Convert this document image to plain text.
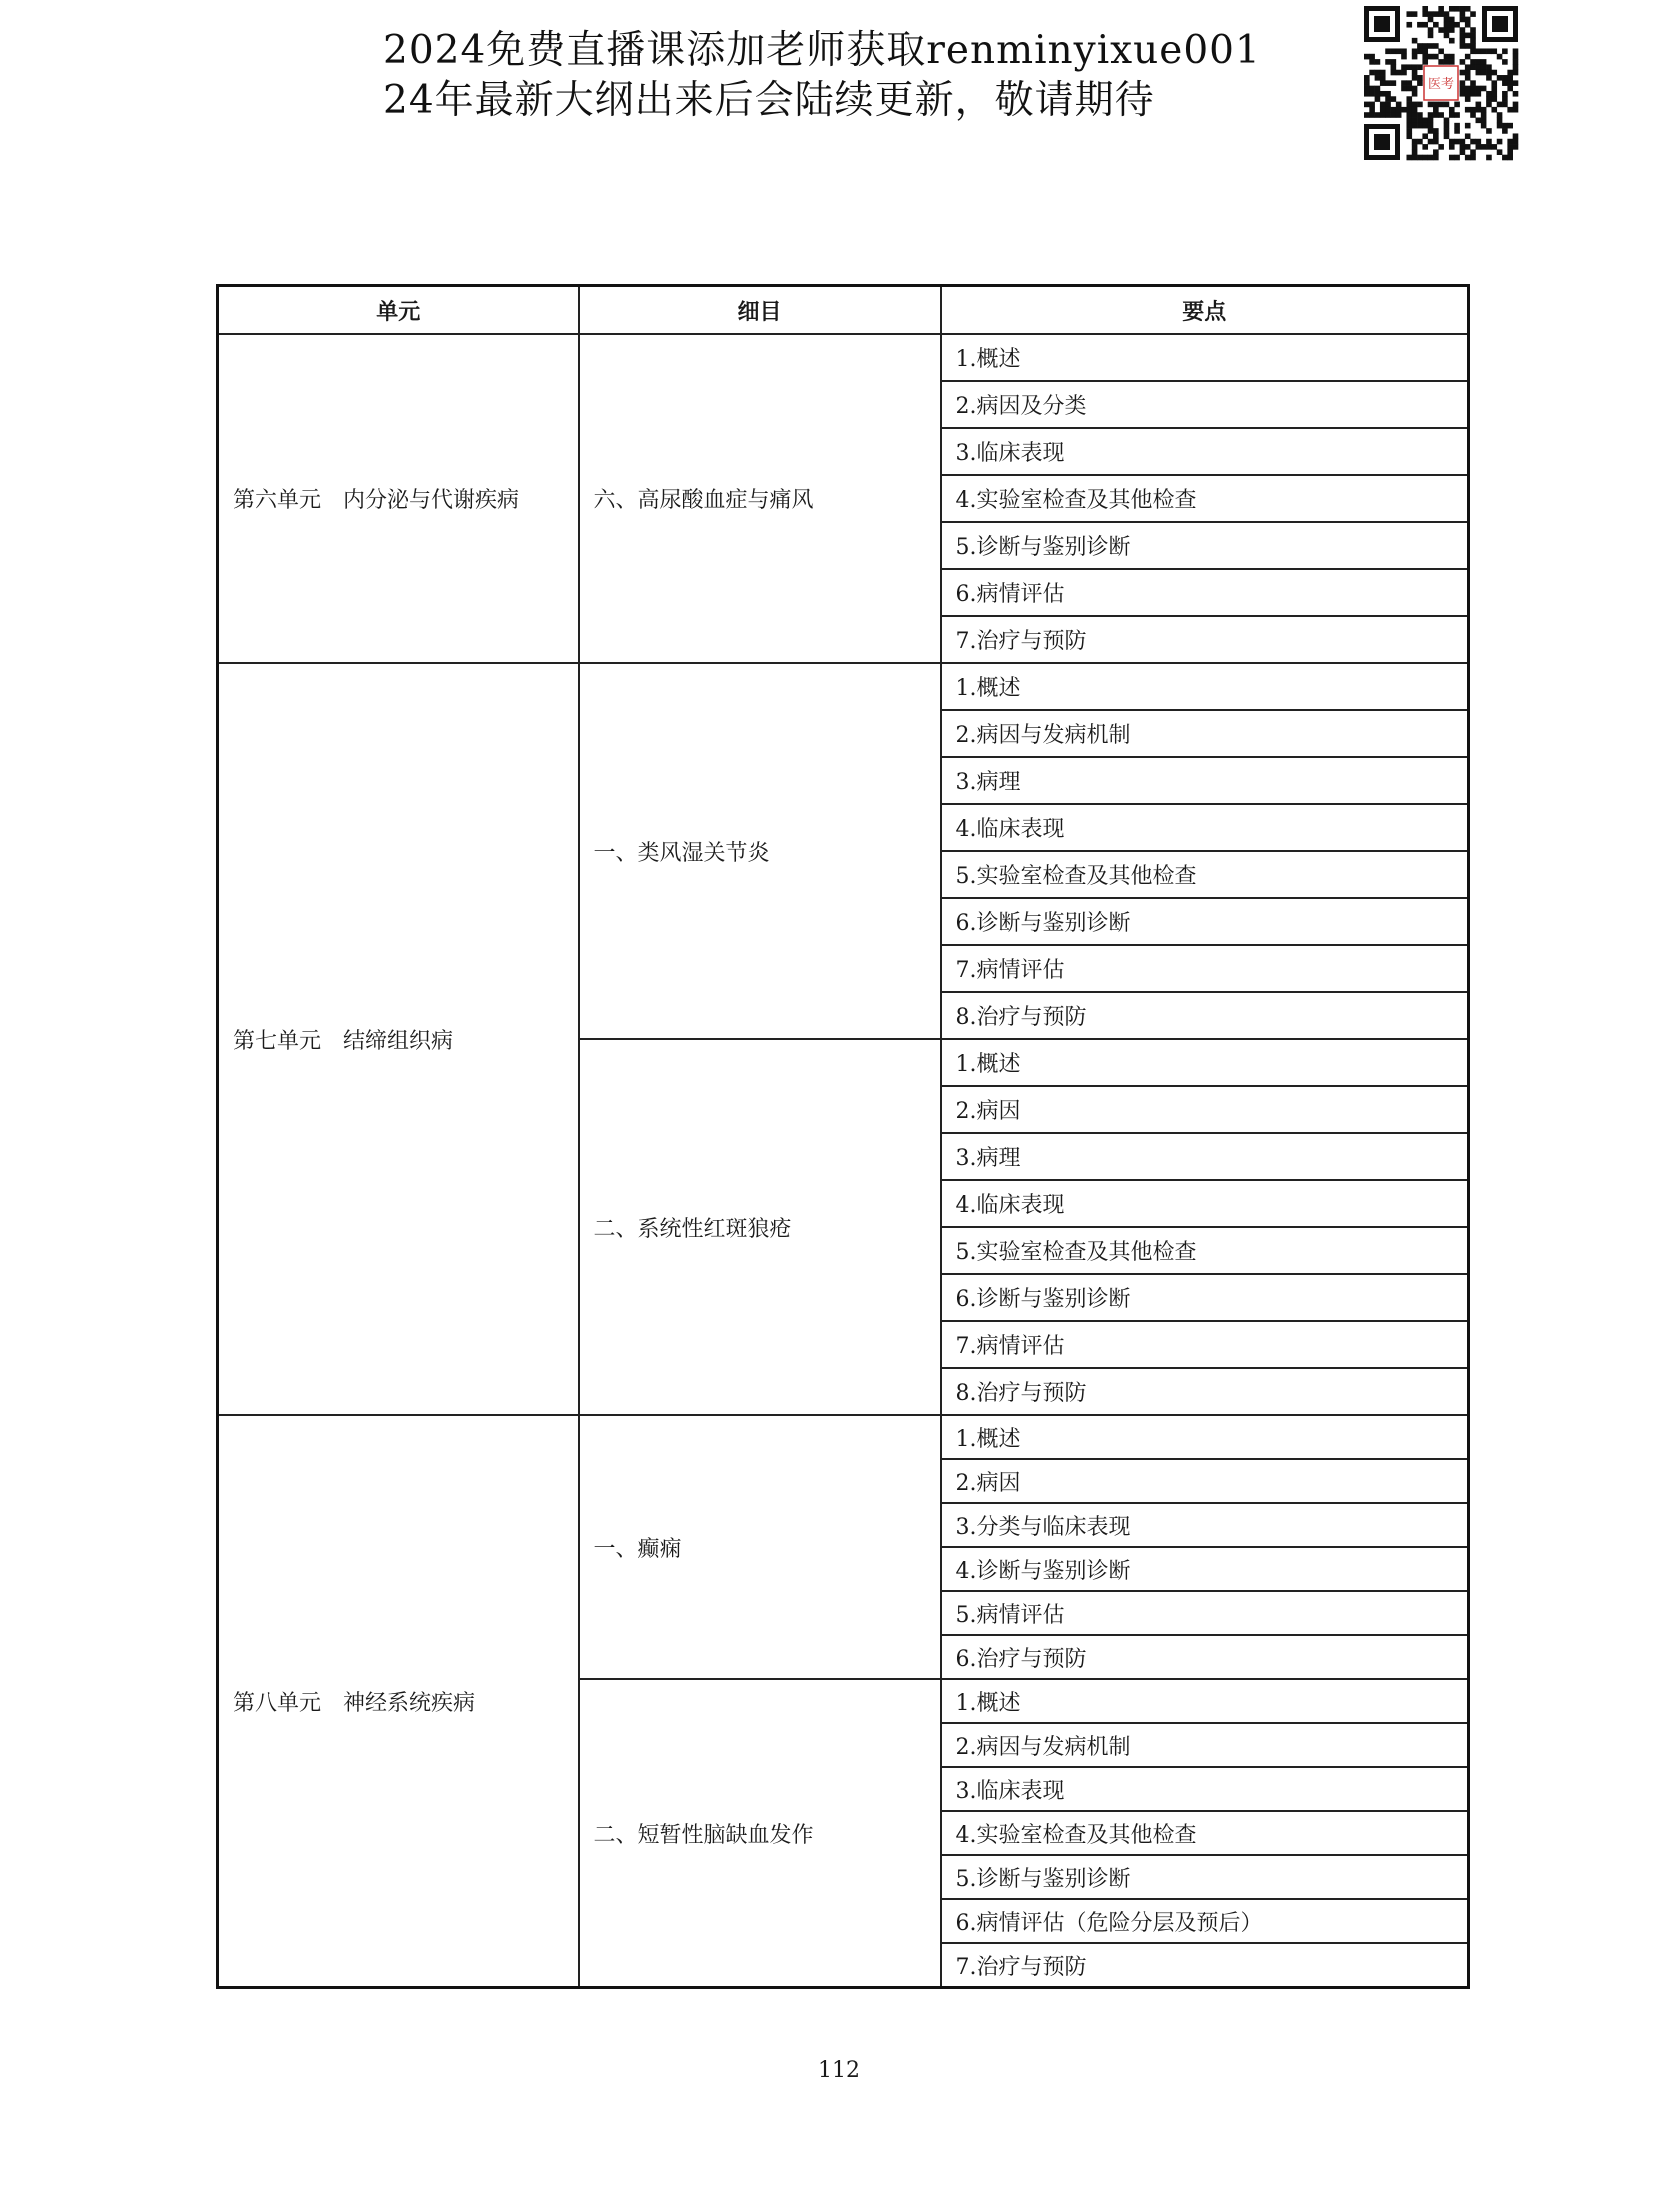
2024免费直播课添加老师获取renminyixue001
24年最新大纲出来后会陆续更新，敬请期待	医考
单元	细目	要点
第六单元　内分泌与代谢疾病	六、高尿酸血症与痛风	1.概述
		2.病因及分类
		3.临床表现
		4.实验室检查及其他检查
		5.诊断与鉴别诊断
		6.病情评估
		7.治疗与预防
第七单元　结缔组织病	一、类风湿关节炎	1.概述
		2.病因与发病机制
		3.病理
		4.临床表现
		5.实验室检查及其他检查
		6.诊断与鉴别诊断
		7.病情评估
		8.治疗与预防
	二、系统性红斑狼疮	1.概述
		2.病因
		3.病理
		4.临床表现
		5.实验室检查及其他检查
		6.诊断与鉴别诊断
		7.病情评估
		8.治疗与预防
第八单元　神经系统疾病	一、癫痫	1.概述
		2.病因
		3.分类与临床表现
		4.诊断与鉴别诊断
		5.病情评估
		6.治疗与预防
	二、短暂性脑缺血发作	1.概述
		2.病因与发病机制
		3.临床表现
		4.实验室检查及其他检查
		5.诊断与鉴别诊断
		6.病情评估（危险分层及预后）
		7.治疗与预防
112
